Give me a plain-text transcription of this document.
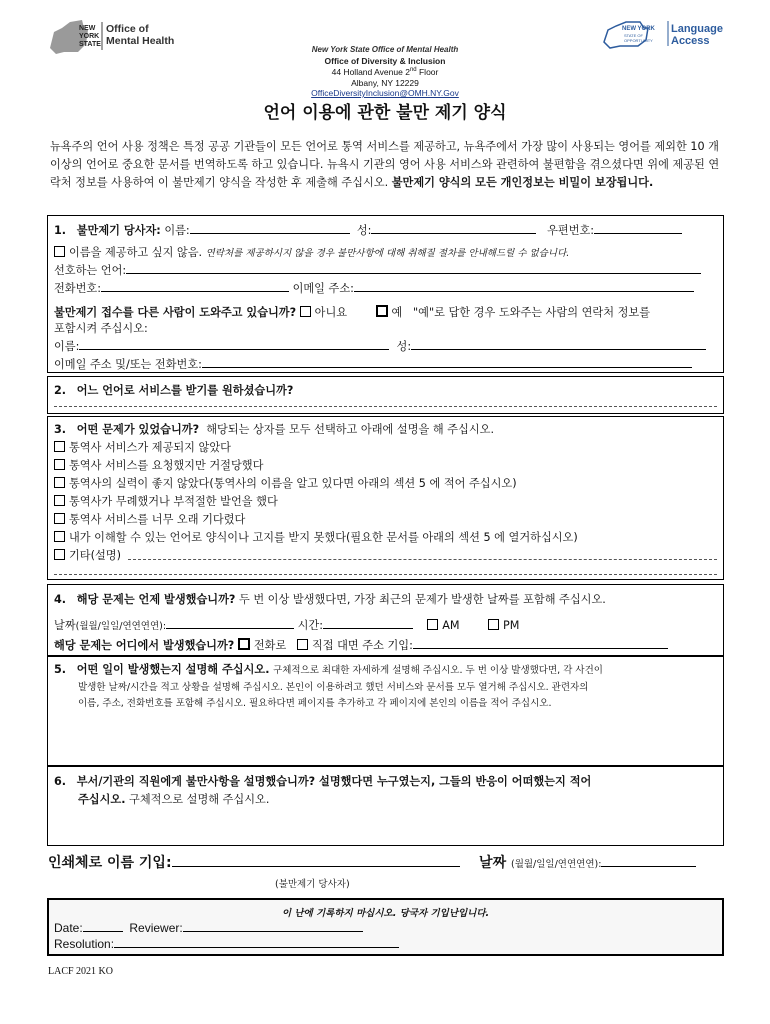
NEW
YORK
STATE
Office of
Mental Health
NEW YORK
STATE OF
OPPORTUNITY
Language
Access
New York State Office of Mental Health
Office of Diversity & Inclusion
44 Holland Avenue 2nd Floor
Albany, NY 12229
OfficeDiversityInclusion@OMH.NY.Gov
언어 이용에 관한 불만 제기 양식
뉴욕주의 언어 사용 정책은 특정 공공 기관들이 모든 언어로 통역 서비스를 제공하고, 뉴욕주에서 가장 많이 사용되는 영어를 제외한 10 개 이상의 언어로 중요한 문서를 번역하도록 하고 있습니다. 뉴욕시 기관의 영어 사용 서비스와 관련하여 불편함을 겪으셨다면 위에 제공된 연락처 정보를 사용하여 이 불만제기 양식을 작성한 후 제출해 주십시오. 불만제기 양식의 모든 개인정보는 비밀이 보장됩니다.
1. 불만제기 당사자: 이름:	성:	우편번호:
이름을 제공하고 싶지 않음. 연락처를 제공하시지 않을 경우 불만사항에 대해 취해질 절차를 안내해드릴 수 없습니다.
선호하는 언어:
전화번호:	이메일 주소:
불만제기 접수를 다른 사람이 도와주고 있습니까? 아니요	예 "예"로 답한 경우 도와주는 사람의 연락처 정보를
포함시켜 주십시오:
이름:	성:
이메일 주소 및/또는 전화번호:
2. 어느 언어로 서비스를 받기를 원하셨습니까?
3. 어떤 문제가 있었습니까? 해당되는 상자를 모두 선택하고 아래에 설명을 해 주십시오.
통역사 서비스가 제공되지 않았다
통역사 서비스를 요청했지만 거절당했다
통역사의 실력이 좋지 않았다(통역사의 이름을 알고 있다면 아래의 섹션 5 에 적어 주십시오)
통역사가 무례했거나 부적절한 발언을 했다
통역사 서비스를 너무 오래 기다렸다
내가 이해할 수 있는 언어로 양식이나 고지를 받지 못했다(필요한 문서를 아래의 섹션 5 에 열거하십시오)
기타(설명)
4. 해당 문제는 언제 발생했습니까? 두 번 이상 발생했다면, 가장 최근의 문제가 발생한 날짜를 포함해 주십시오.
날짜(월월/일일/연연연연):	시간:	AM	PM
해당 문제는 어디에서 발생했습니까? 전화로 직접 대면 주소 기입:
5. 어떤 일이 발생했는지 설명해 주십시오. 구체적으로 최대한 자세하게 설명해 주십시오. 두 번 이상 발생했다면, 각 사건이
발생한 날짜/시간을 적고 상황을 설명해 주십시오. 본인이 이용하려고 했던 서비스와 문서를 모두 열거해 주십시오. 관련자의
이름, 주소, 전화번호를 포함해 주십시오. 필요하다면 페이지를 추가하고 각 페이지에 본인의 이름을 적어 주십시오.
6. 부서/기관의 직원에게 불만사항을 설명했습니까? 설명했다면 누구였는지, 그들의 반응이 어떠했는지 적어
주십시오. 구체적으로 설명해 주십시오.
인쇄체로 이름 기입:	날짜 (월월/일일/연연연연):
(불만제기 당사자)
이 난에 기록하지 마십시오. 당국자 기입난입니다.
Date:	Reviewer:
Resolution:
LACF 2021 KO
